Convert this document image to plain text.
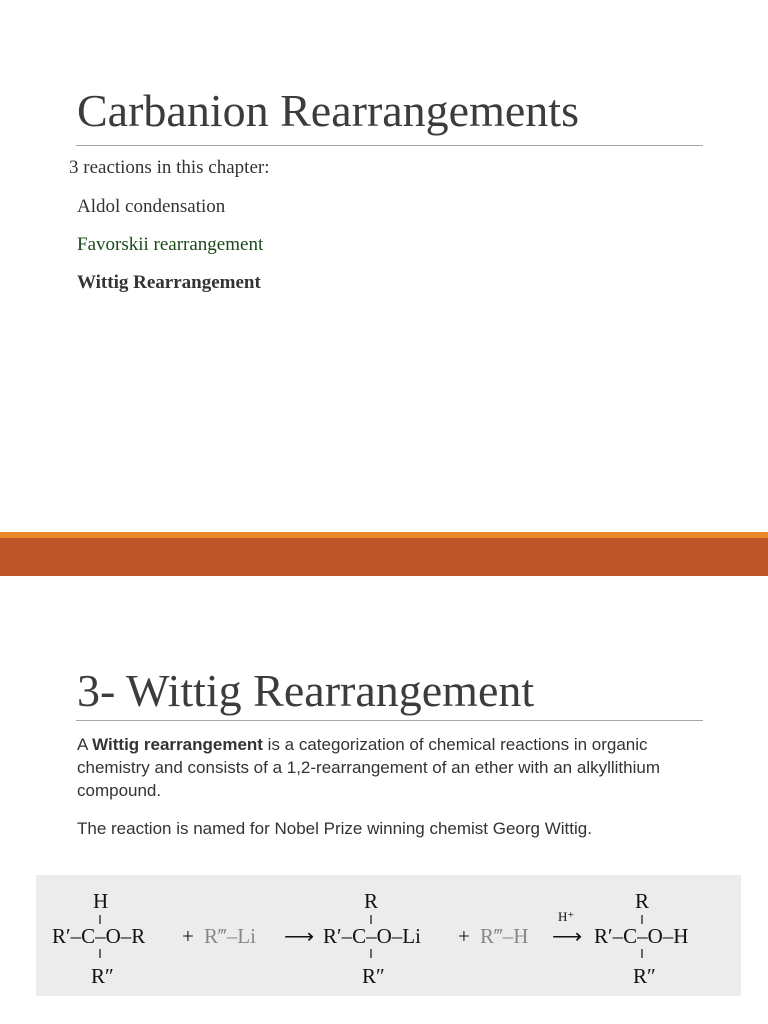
Carbanion Rearrangements
3 reactions in this chapter:
Aldol condensation
Favorskii rearrangement
Wittig Rearrangement
3- Wittig Rearrangement
A Wittig rearrangement is a categorization of chemical reactions in organic chemistry and consists of a 1,2-rearrangement of an ether with an alkyllithium compound.
The reaction is named for Nobel Prize winning chemist Georg Wittig.
H
R′–C–O–R
R″
+ R‴–Li ⟶
R
R′–C–O–Li
R″
+ R‴–H
H⁺
⟶
R
R′–C–O–H
R″
